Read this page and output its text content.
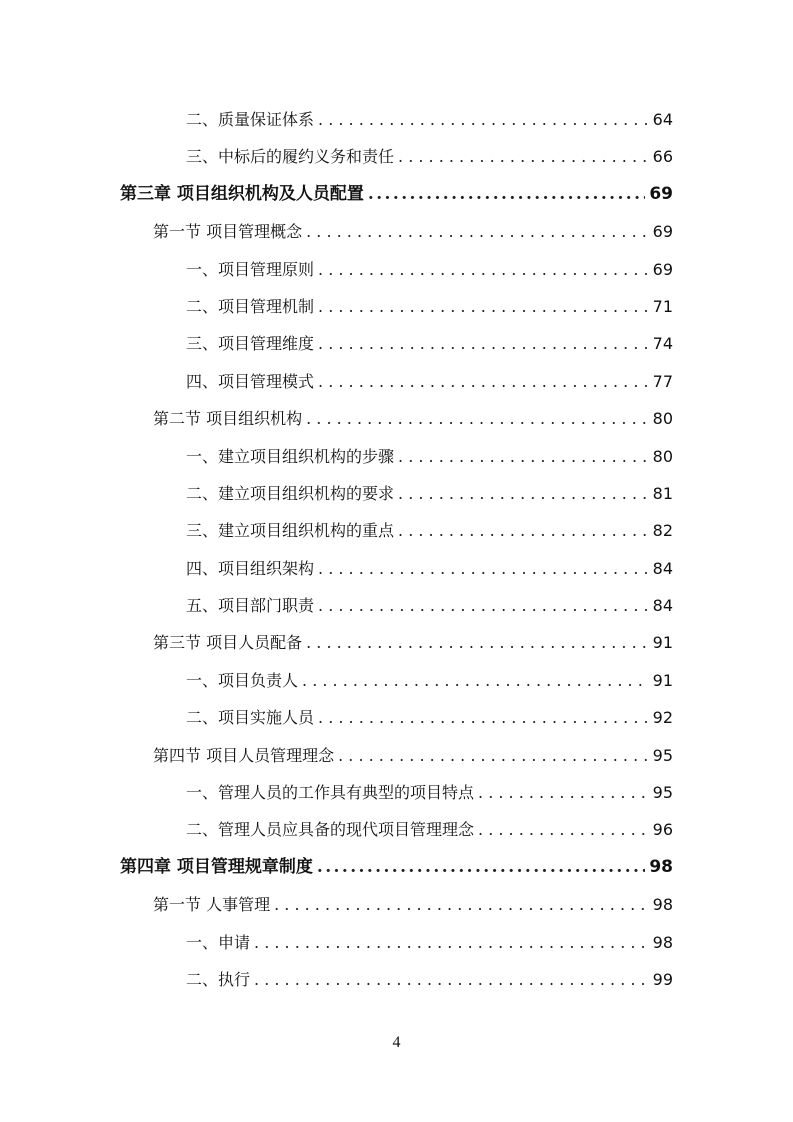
二、质量保证体系 . . .	64
三、中标后的履约义务和责任 . . .	66
第三章 项目组织机构及人员配置 .....	69
第一节 项目管理概念 . . .	69
一、项目管理原则 . . .	69
二、项目管理机制 . . .	71
三、项目管理维度 . . .	74
四、项目管理模式 . . .	77
第二节 项目组织机构 . . .	80
一、建立项目组织机构的步骤 . . .	80
二、建立项目组织机构的要求 . . .	81
三、建立项目组织机构的重点 . . .	82
四、项目组织架构 . . .	84
五、项目部门职责 . . .	84
第三节 项目人员配备 . . .	91
一、项目负责人 . . .	91
二、项目实施人员 . . .	92
第四节 项目人员管理理念 . . .	95
一、管理人员的工作具有典型的项目特点 . . .	95
二、管理人员应具备的现代项目管理理念 . . .	96
第四章 项目管理规章制度 .....	98
第一节 人事管理 . . .	98
一、申请 . . .	98
二、执行 . . .	99
4
